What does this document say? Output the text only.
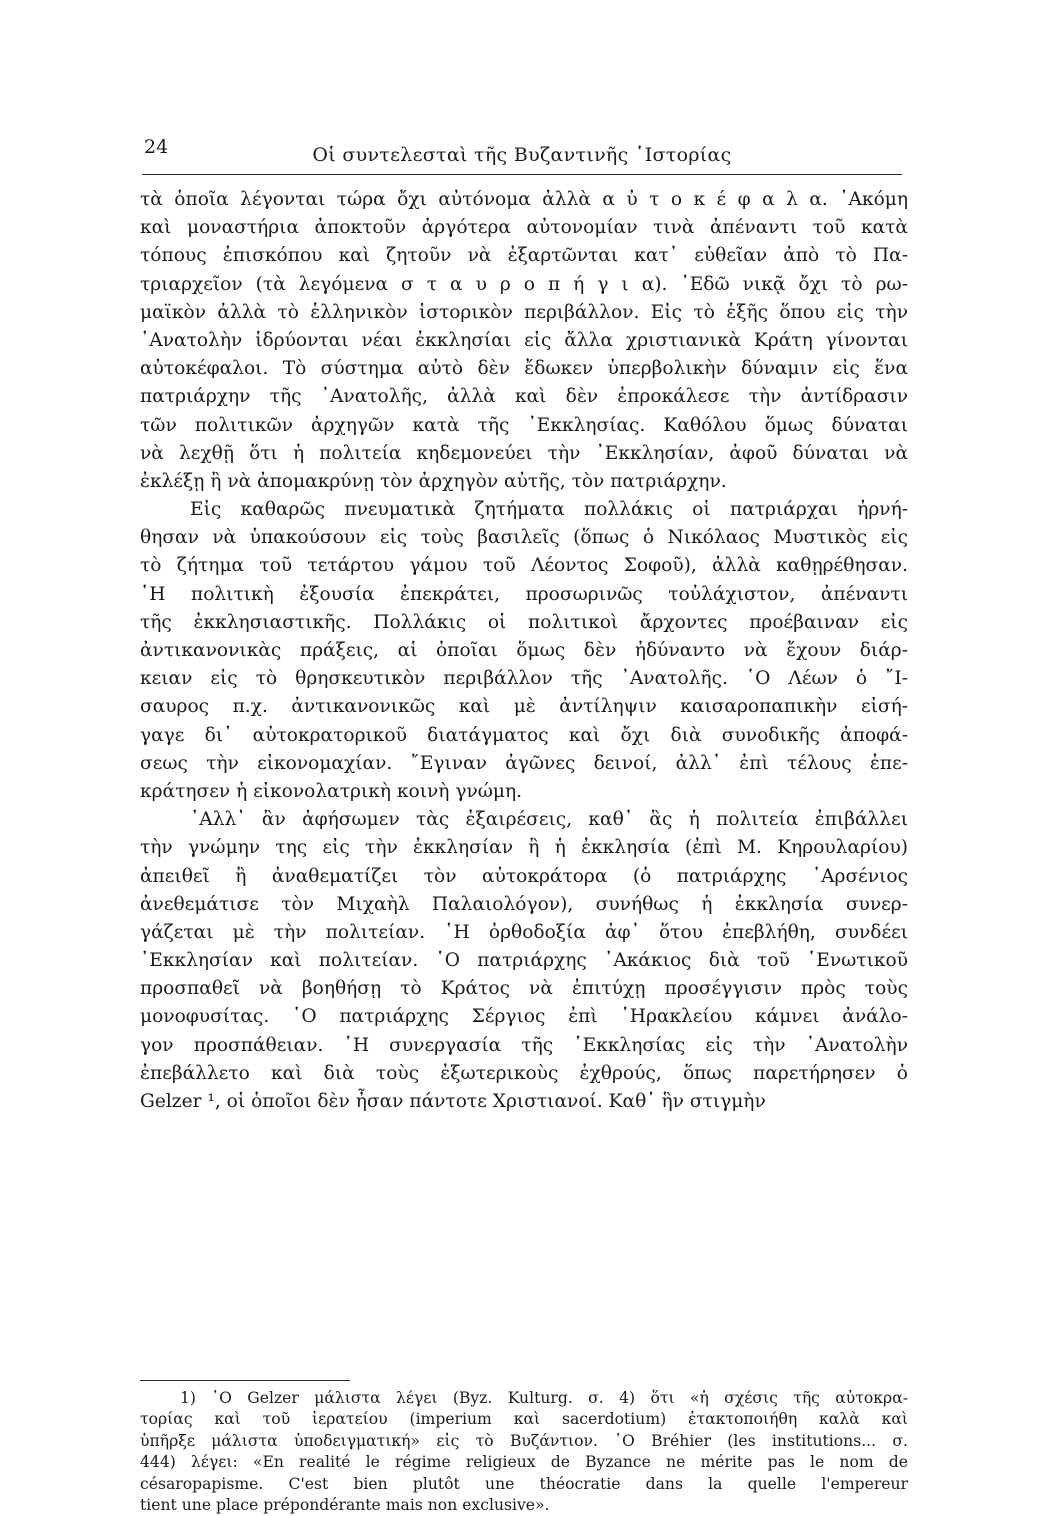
24	Οἱ συντελεσταὶ τῆς Βυζαντινῆς ῾Ιστορίας
τὰ ὁποῖα λέγονται τώρα ὄχι αὐτόνομα ἀλλὰ α ὐ τ ο κ έ φ α λ α. ᾿Ακόμη
καὶ μοναστήρια ἀποκτοῦν ἀργότερα αὐτονομίαν τινὰ ἀπέναντι τοῦ κατὰ
τόπους ἐπισκόπου καὶ ζητοῦν νὰ ἐξαρτῶνται κατ᾿ εὐθεῖαν ἀπὸ τὸ Πα-
τριαρχεῖον (τὰ λεγόμενα σ τ α υ ρ ο π ή γ ι α). ᾿Εδῶ νικᾷ ὄχι τὸ ρω-
μαϊκὸν ἀλλὰ τὸ ἑλληνικὸν ἱστορικὸν περιβάλλον. Εἰς τὸ ἑξῆς ὅπου εἰς τὴν
᾿Ανατολὴν ἱδρύονται νέαι ἐκκλησίαι εἰς ἄλλα χριστιανικὰ Κράτη γίνονται
αὐτοκέφαλοι. Τὸ σύστημα αὐτὸ δὲν ἔδωκεν ὑπερβολικὴν δύναμιν εἰς ἕνα
πατριάρχην τῆς ᾿Ανατολῆς, ἀλλὰ καὶ δὲν ἐπροκάλεσε τὴν ἀντίδρασιν
τῶν πολιτικῶν ἀρχηγῶν κατὰ τῆς ᾿Εκκλησίας. Καθόλου ὅμως δύναται
νὰ λεχθῇ ὅτι ἡ πολιτεία κηδεμονεύει τὴν ᾿Εκκλησίαν, ἀφοῦ δύναται νὰ
ἐκλέξῃ ἢ νὰ ἀπομακρύνῃ τὸν ἀρχηγὸν αὐτῆς, τὸν πατριάρχην.
Εἰς καθαρῶς πνευματικὰ ζητήματα πολλάκις οἱ πατριάρχαι ἠρνή-
θησαν νὰ ὑπακούσουν εἰς τοὺς βασιλεῖς (ὅπως ὁ Νικόλαος Μυστικὸς εἰς
τὸ ζήτημα τοῦ τετάρτου γάμου τοῦ Λέοντος Σοφοῦ), ἀλλὰ καθῃρέθησαν.
῾Η πολιτικὴ ἐξουσία ἐπεκράτει, προσωρινῶς τοὐλάχιστον, ἀπέναντι
τῆς ἐκκλησιαστικῆς. Πολλάκις οἱ πολιτικοὶ ἄρχοντες προέβαιναν εἰς
ἀντικανονικὰς πράξεις, αἱ ὁποῖαι ὅμως δὲν ἠδύναντο νὰ ἔχουν διάρ-
κειαν εἰς τὸ θρησκευτικὸν περιβάλλον τῆς ᾿Ανατολῆς. ῾Ο Λέων ὁ ῎Ι-
σαυρος π.χ. ἀντικανονικῶς καὶ μὲ ἀντίληψιν καισαροπαπικὴν εἰσή-
γαγε δι᾿ αὐτοκρατορικοῦ διατάγματος καὶ ὄχι διὰ συνοδικῆς ἀποφά-
σεως τὴν εἰκονομαχίαν. ῎Εγιναν ἀγῶνες δεινοί, ἀλλ᾿ ἐπὶ τέλους ἐπε-
κράτησεν ἡ εἰκονολατρικὴ κοινὴ γνώμη.
᾿Αλλ᾿ ἂν ἀφήσωμεν τὰς ἐξαιρέσεις, καθ᾿ ἃς ἡ πολιτεία ἐπιβάλλει
τὴν γνώμην της εἰς τὴν ἐκκλησίαν ἢ ἡ ἐκκλησία (ἐπὶ Μ. Κηρουλαρίου)
ἀπειθεῖ ἢ ἀναθεματίζει τὸν αὐτοκράτορα (ὁ πατριάρχης ᾿Αρσένιος
ἀνεθεμάτισε τὸν Μιχαὴλ Παλαιολόγον), συνήθως ἡ ἐκκλησία συνερ-
γάζεται μὲ τὴν πολιτείαν. ῾Η ὀρθοδοξία ἀφ᾿ ὅτου ἐπεβλήθη, συνδέει
᾿Εκκλησίαν καὶ πολιτείαν. ῾Ο πατριάρχης ᾿Ακάκιος διὰ τοῦ ῾Ενωτικοῦ
προσπαθεῖ νὰ βοηθήσῃ τὸ Κράτος νὰ ἐπιτύχῃ προσέγγισιν πρὸς τοὺς
μονοφυσίτας. ῾Ο πατριάρχης Σέργιος ἐπὶ ῾Ηρακλείου κάμνει ἀνάλο-
γον προσπάθειαν. ῾Η συνεργασία τῆς ᾿Εκκλησίας εἰς τὴν ᾿Ανατολὴν
ἐπεβάλλετο καὶ διὰ τοὺς ἐξωτερικοὺς ἐχθρούς, ὅπως παρετήρησεν ὁ
Gelzer ¹, οἱ ὁποῖοι δὲν ἦσαν πάντοτε Χριστιανοί. Καθ᾿ ἣν στιγμὴν
1) ῾Ο Gelzer μάλιστα λέγει (Byz. Kulturg. σ. 4) ὅτι «ἡ σχέσις τῆς αὐτοκρα-
τορίας καὶ τοῦ ἱερατείου (imperium καὶ sacerdotium) ἐτακτοποιήθη καλὰ καὶ
ὑπῆρξε μάλιστα ὑποδειγματική» εἰς τὸ Βυζάντιον. ῾Ο Bréhier (les institutions... σ.
444) λέγει: «En realité le régime religieux de Byzance ne mérite pas le nom de
césaropapisme. C'est bien plutôt une théocratie dans la quelle l'empereur
tient une place prépondérante mais non exclusive».
